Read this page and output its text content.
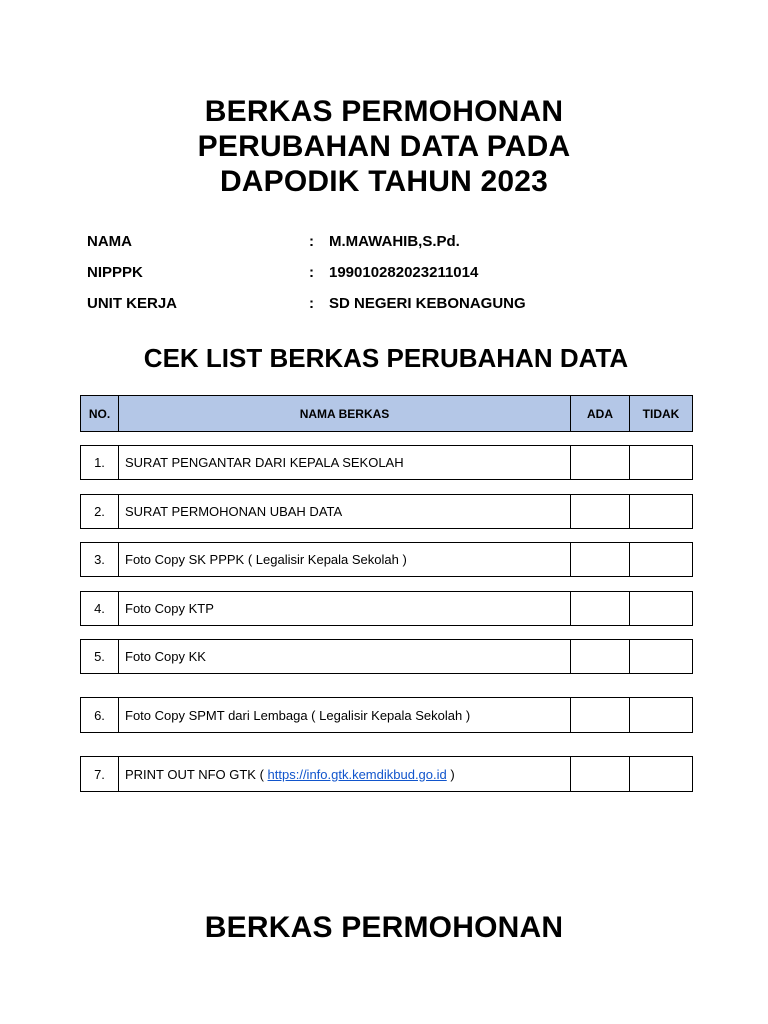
BERKAS PERMOHONAN
PERUBAHAN DATA PADA
DAPODIK TAHUN 2023
NAMA	: M.MAWAHIB,S.Pd.
NIPPPK	: 199010282023211014
UNIT KERJA	: SD NEGERI KEBONAGUNG
CEK LIST BERKAS PERUBAHAN DATA
NO.	NAMA BERKAS	ADA	TIDAK
1.	SURAT PENGANTAR DARI KEPALA SEKOLAH
2.	SURAT PERMOHONAN UBAH DATA
3.	Foto Copy SK PPPK ( Legalisir Kepala Sekolah )
4.	Foto Copy KTP
5.	Foto Copy KK
6.	Foto Copy SPMT dari Lembaga ( Legalisir Kepala Sekolah )
7.	PRINT OUT NFO GTK ( https://info.gtk.kemdikbud.go.id )
BERKAS PERMOHONAN
